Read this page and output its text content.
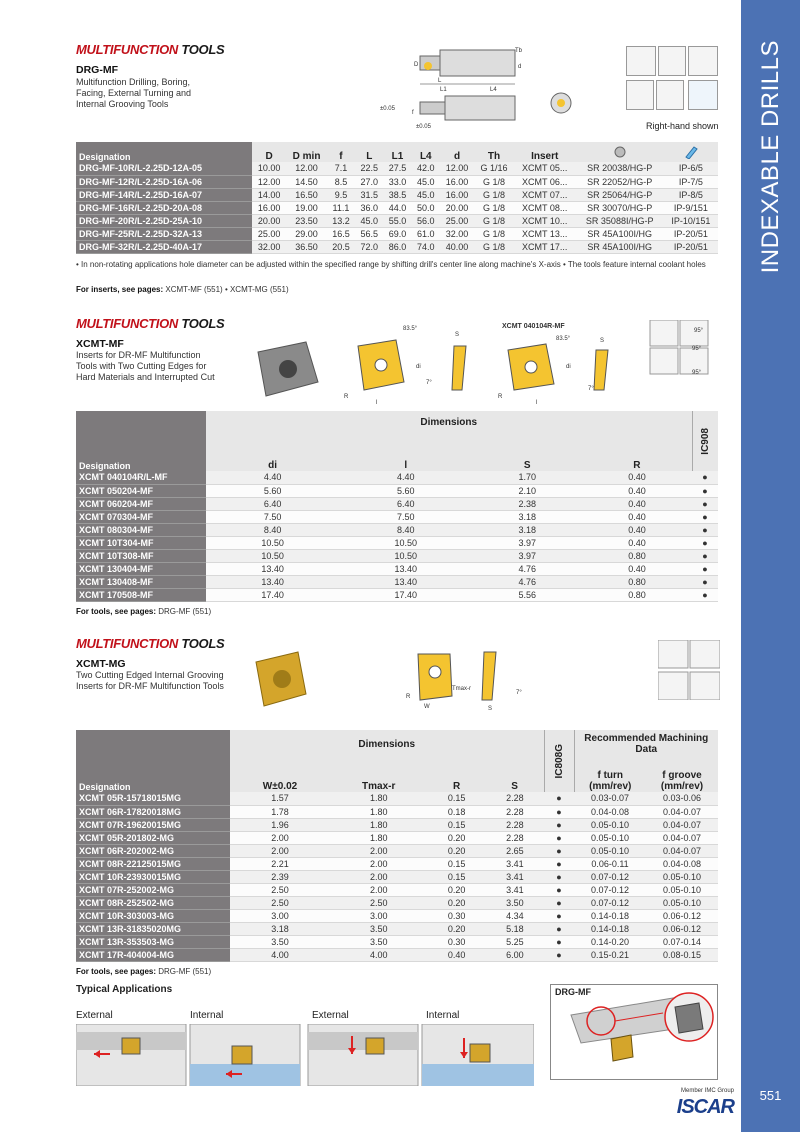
INDEXABLE DRILLS
551
MULTIFUNCTION TOOLS
DRG-MF
Multifunction Drilling, Boring,
Facing, External Turning and
Internal Grooving Tools
Tb
d
D
L
L1	L4
±0.05
f
±0.05	Right-hand shown
Designation	D	D min	f	L	L1	L4	d	Th	Insert		
DRG-MF-10R/L-2.25D-12A-05	10.00	12.00	7.1	22.5	27.5	42.0	12.00	G 1/16	XCMT 05...	SR 20038/HG-P	IP-6/5
DRG-MF-12R/L-2.25D-16A-06	12.00	14.50	8.5	27.0	33.0	45.0	16.00	G 1/8	XCMT 06...	SR 22052/HG-P	IP-7/5
DRG-MF-14R/L-2.25D-16A-07	14.00	16.50	9.5	31.5	38.5	45.0	16.00	G 1/8	XCMT 07...	SR 25064/HG-P	IP-8/5
DRG-MF-16R/L-2.25D-20A-08	16.00	19.00	11.1	36.0	44.0	50.0	20.00	G 1/8	XCMT 08...	SR 30070/HG-P	IP-9/151
DRG-MF-20R/L-2.25D-25A-10	20.00	23.50	13.2	45.0	55.0	56.0	25.00	G 1/8	XCMT 10...	SR 35088I/HG-P	IP-10/151
DRG-MF-25R/L-2.25D-32A-13	25.00	29.00	16.5	56.5	69.0	61.0	32.00	G 1/8	XCMT 13...	SR 45A100I/HG	IP-20/51
DRG-MF-32R/L-2.25D-40A-17	32.00	36.50	20.5	72.0	86.0	74.0	40.00	G 1/8	XCMT 17...	SR 45A100I/HG	IP-20/51
• In non-rotating applications hole diameter can be adjusted within the specified range by shifting drill's center line along machine's X-axis • The tools feature internal coolant holes
For inserts, see pages: XCMT-MF (551) • XCMT-MG (551)
MULTIFUNCTION TOOLS
XCMT-MF
Inserts for DR-MF Multifunction
Tools with Two Cutting Edges for
Hard Materials and Interrupted Cut
83.5°
S
di
7°
R
l
XCMT 040104R-MF
83.5°	S
R
l
di
7°
95°
95°
95°
Designation	Dimensions				IC908

	di	l	S	R	
XCMT 040104R/L-MF	4.40	4.40	1.70	0.40	●
XCMT 050204-MF	5.60	5.60	2.10	0.40	●
XCMT 060204-MF	6.40	6.40	2.38	0.40	●
XCMT 070304-MF	7.50	7.50	3.18	0.40	●
XCMT 080304-MF	8.40	8.40	3.18	0.40	●
XCMT 10T304-MF	10.50	10.50	3.97	0.40	●
XCMT 10T308-MF	10.50	10.50	3.97	0.80	●
XCMT 130404-MF	13.40	13.40	4.76	0.40	●
XCMT 130408-MF	13.40	13.40	4.76	0.80	●
XCMT 170508-MF	17.40	17.40	5.56	0.80	●
For tools, see pages: DRG-MF (551)
MULTIFUNCTION TOOLS
XCMT-MG
Two Cutting Edged Internal Grooving
Inserts for DR-MF Multifunction Tools
R
W
Tmax-r
S
7°
Designation	Dimensions				IC808G	Recommended Machining Data	
	W±0.02	Tmax-r	R	S		f turn (mm/rev)	f groove (mm/rev)
XCMT 05R-15718015MG	1.57	1.80	0.15	2.28	●	0.03-0.07	0.03-0.06
XCMT 06R-17820018MG	1.78	1.80	0.18	2.28	●	0.04-0.08	0.04-0.07
XCMT 07R-19620015MG	1.96	1.80	0.15	2.28	●	0.05-0.10	0.04-0.07
XCMT 05R-201802-MG	2.00	1.80	0.20	2.28	●	0.05-0.10	0.04-0.07
XCMT 06R-202002-MG	2.00	2.00	0.20	2.65	●	0.05-0.10	0.04-0.07
XCMT 08R-22125015MG	2.21	2.00	0.15	3.41	●	0.06-0.11	0.04-0.08
XCMT 10R-23930015MG	2.39	2.00	0.15	3.41	●	0.07-0.12	0.05-0.10
XCMT 07R-252002-MG	2.50	2.00	0.20	3.41	●	0.07-0.12	0.05-0.10
XCMT 08R-252502-MG	2.50	2.50	0.20	3.50	●	0.07-0.12	0.05-0.10
XCMT 10R-303003-MG	3.00	3.00	0.30	4.34	●	0.14-0.18	0.06-0.12
XCMT 13R-31835020MG	3.18	3.50	0.20	5.18	●	0.14-0.18	0.06-0.12
XCMT 13R-353503-MG	3.50	3.50	0.30	5.25	●	0.14-0.20	0.07-0.14
XCMT 17R-404004-MG	4.00	4.00	0.40	6.00	●	0.15-0.21	0.08-0.15
For tools, see pages: DRG-MF (551)
Typical Applications
External	Internal	External	Internal
DRG-MF
Member IMC Group
ISCAR
